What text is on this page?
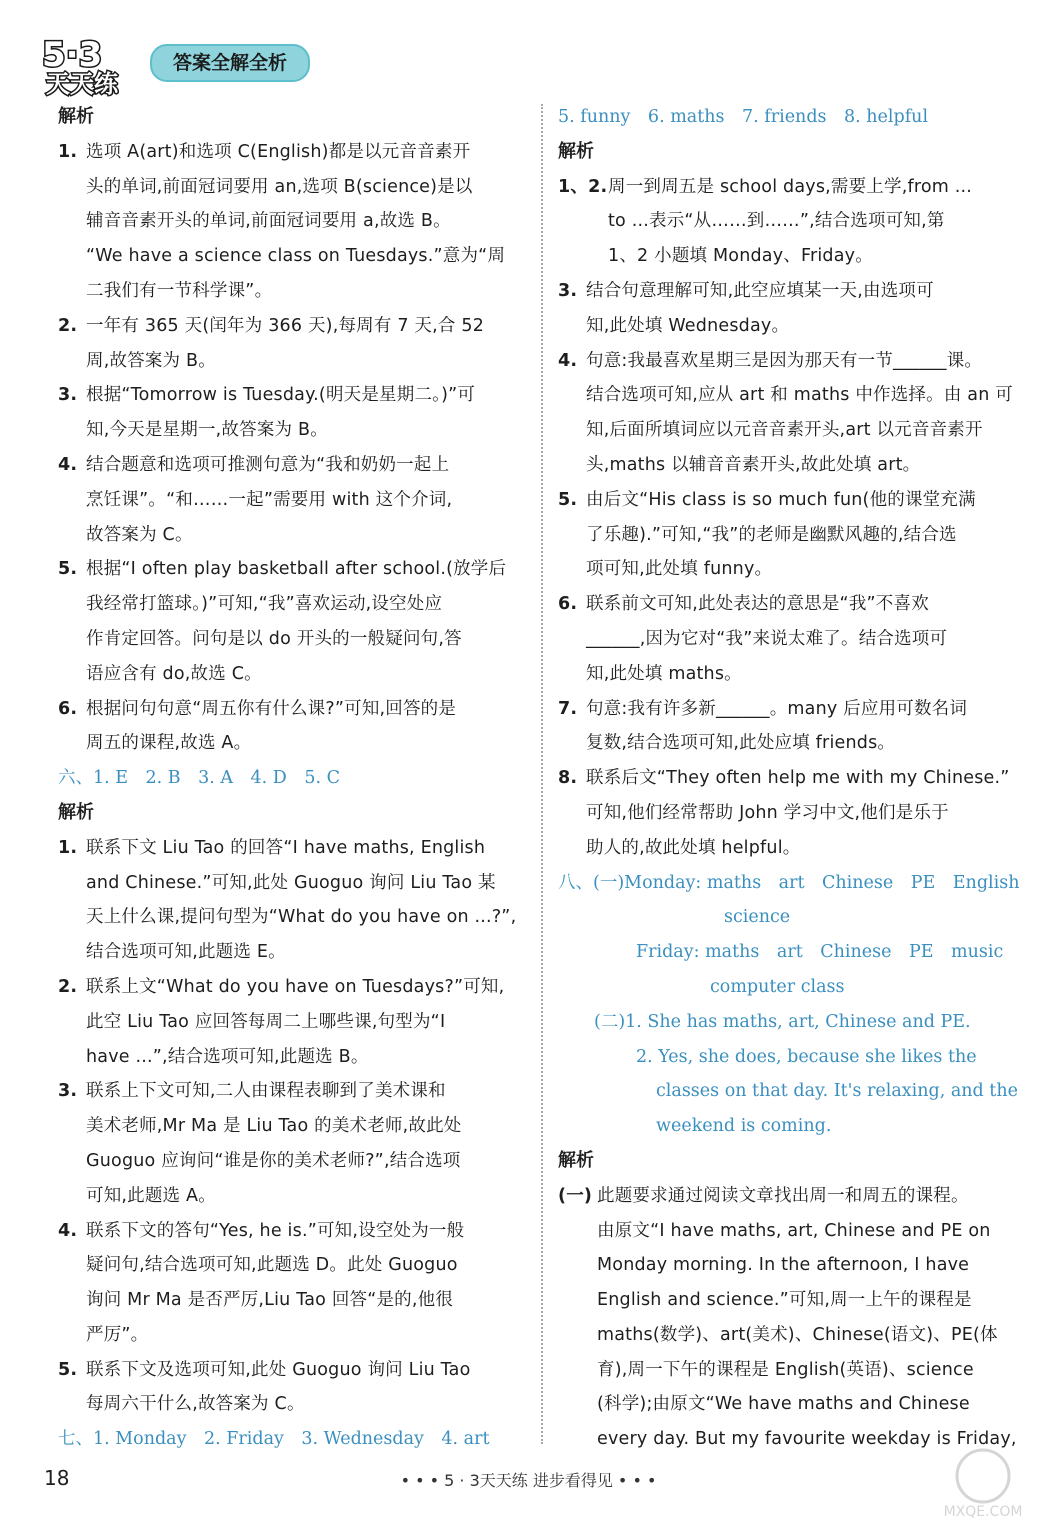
5·3
天天练
答案全解全析
解析
1. 选项 A(art)和选项 C(English)都是以元音音素开
头的单词,前面冠词要用 an,选项 B(science)是以
辅音音素开头的单词,前面冠词要用 a,故选 B。
“We have a science class on Tuesdays.”意为“周
二我们有一节科学课”。
2. 一年有 365 天(闰年为 366 天),每周有 7 天,合 52
周,故答案为 B。
3. 根据“Tomorrow is Tuesday.(明天是星期二。)”可
知,今天是星期一,故答案为 B。
4. 结合题意和选项可推测句意为“我和奶奶一起上
烹饪课”。“和……一起”需要用 with 这个介词,
故答案为 C。
5. 根据“I often play basketball after school.(放学后
我经常打篮球。)”可知,“我”喜欢运动,设空处应
作肯定回答。问句是以 do 开头的一般疑问句,答
语应含有 do,故选 C。
6. 根据问句句意“周五你有什么课?”可知,回答的是
周五的课程,故选 A。
六、1. E　2. B　3. A　4. D　5. C
解析
1. 联系下文 Liu Tao 的回答“I have maths, English
and Chinese.”可知,此处 Guoguo 询问 Liu Tao 某
天上什么课,提问句型为“What do you have on ...?”,
结合选项可知,此题选 E。
2. 联系上文“What do you have on Tuesdays?”可知,
此空 Liu Tao 应回答每周二上哪些课,句型为“I
have ...”,结合选项可知,此题选 B。
3. 联系上下文可知,二人由课程表聊到了美术课和
美术老师,Mr Ma 是 Liu Tao 的美术老师,故此处
Guoguo 应询问“谁是你的美术老师?”,结合选项
可知,此题选 A。
4. 联系下文的答句“Yes, he is.”可知,设空处为一般
疑问句,结合选项可知,此题选 D。此处 Guoguo
询问 Mr Ma 是否严厉,Liu Tao 回答“是的,他很
严厉”。
5. 联系下文及选项可知,此处 Guoguo 询问 Liu Tao
每周六干什么,故答案为 C。
七、1. Monday　2. Friday　3. Wednesday　4. art
5. funny　6. maths　7. friends　8. helpful
解析
1、2.周一到周五是 school days,需要上学,from ...
to ...表示“从……到……”,结合选项可知,第
1、2 小题填 Monday、Friday。
3. 结合句意理解可知,此空应填某一天,由选项可
知,此处填 Wednesday。
4. 句意:我最喜欢星期三是因为那天有一节______课。
结合选项可知,应从 art 和 maths 中作选择。由 an 可
知,后面所填词应以元音音素开头,art 以元音音素开
头,maths 以辅音音素开头,故此处填 art。
5. 由后文“His class is so much fun(他的课堂充满
了乐趣).”可知,“我”的老师是幽默风趣的,结合选
项可知,此处填 funny。
6. 联系前文可知,此处表达的意思是“我”不喜欢
______,因为它对“我”来说太难了。结合选项可
知,此处填 maths。
7. 句意:我有许多新______。many 后应用可数名词
复数,结合选项可知,此处应填 friends。
8. 联系后文“They often help me with my Chinese.”
可知,他们经常帮助 John 学习中文,他们是乐于
助人的,故此处填 helpful。
八、(一)Monday: maths　art　Chinese　PE　English
science
Friday: maths　art　Chinese　PE　music
computer class
(二)1. She has maths, art, Chinese and PE.
2. Yes, she does, because she likes the
classes on that day. It's relaxing, and the
weekend is coming.
解析
(一) 此题要求通过阅读文章找出周一和周五的课程。
由原文“I have maths, art, Chinese and PE on
Monday morning. In the afternoon, I have
English and science.”可知,周一上午的课程是
maths(数学)、art(美术)、Chinese(语文)、PE(体
育),周一下午的课程是 English(英语)、science
(科学);由原文“We have maths and Chinese
every day. But my favourite weekday is Friday,
18	• • • 5 · 3天天练 进步看得见 • • •
MXQE.COM
